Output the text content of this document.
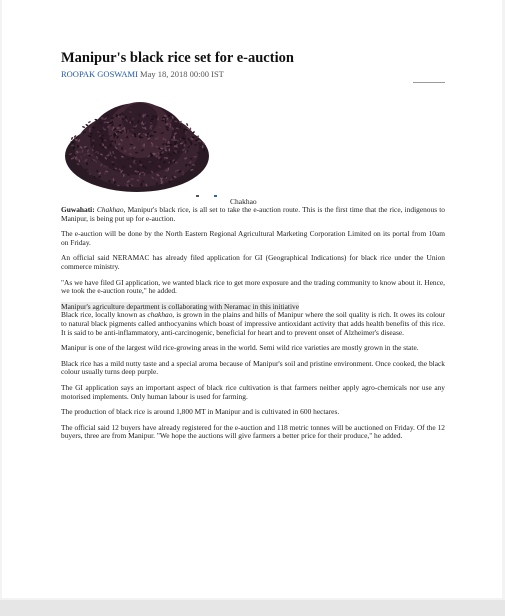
Manipur's black rice set for e-auction
ROOPAK GOSWAMI May 18, 2018 00:00 IST
Chakhao

Guwahati: Chakhao, Manipur's black rice, is all set to take the e-auction route. This is the first time that the rice, indigenous to Manipur, is being put up for e-auction.

The e-auction will be done by the North Eastern Regional Agricultural Marketing Corporation Limited on its portal from 10am on Friday.

An official said NERAMAC has already filed application for GI (Geographical Indications) for black rice under the Union commerce ministry.

"As we have filed GI application, we wanted black rice to get more exposure and the trading community to know about it. Hence, we took the e-auction route," he added.

Manipur's agriculture department is collaborating with Neramac in this initiative

Black rice, locally known as chakhao, is grown in the plains and hills of Manipur where the soil quality is rich. It owes its colour to natural black pigments called anthocyanins which boast of impressive antioxidant activity that adds health benefits of this rice. It is said to be anti-inflammatory, anti-carcinogenic, beneficial for heart and to prevent onset of Alzheimer's disease.

Manipur is one of the largest wild rice-growing areas in the world. Semi wild rice varieties are mostly grown in the state.

Black rice has a mild nutty taste and a special aroma because of Manipur's soil and pristine environment. Once cooked, the black colour usually turns deep purple.

The GI application says an important aspect of black rice cultivation is that farmers neither apply agro-chemicals nor use any motorised implements. Only human labour is used for farming.

The production of black rice is around 1,800 MT in Manipur and is cultivated in 600 hectares.

The official said 12 buyers have already registered for the e-auction and 118 metric tonnes will be auctioned on Friday. Of the 12 buyers, three are from Manipur. "We hope the auctions will give farmers a better price for their produce," he added.
